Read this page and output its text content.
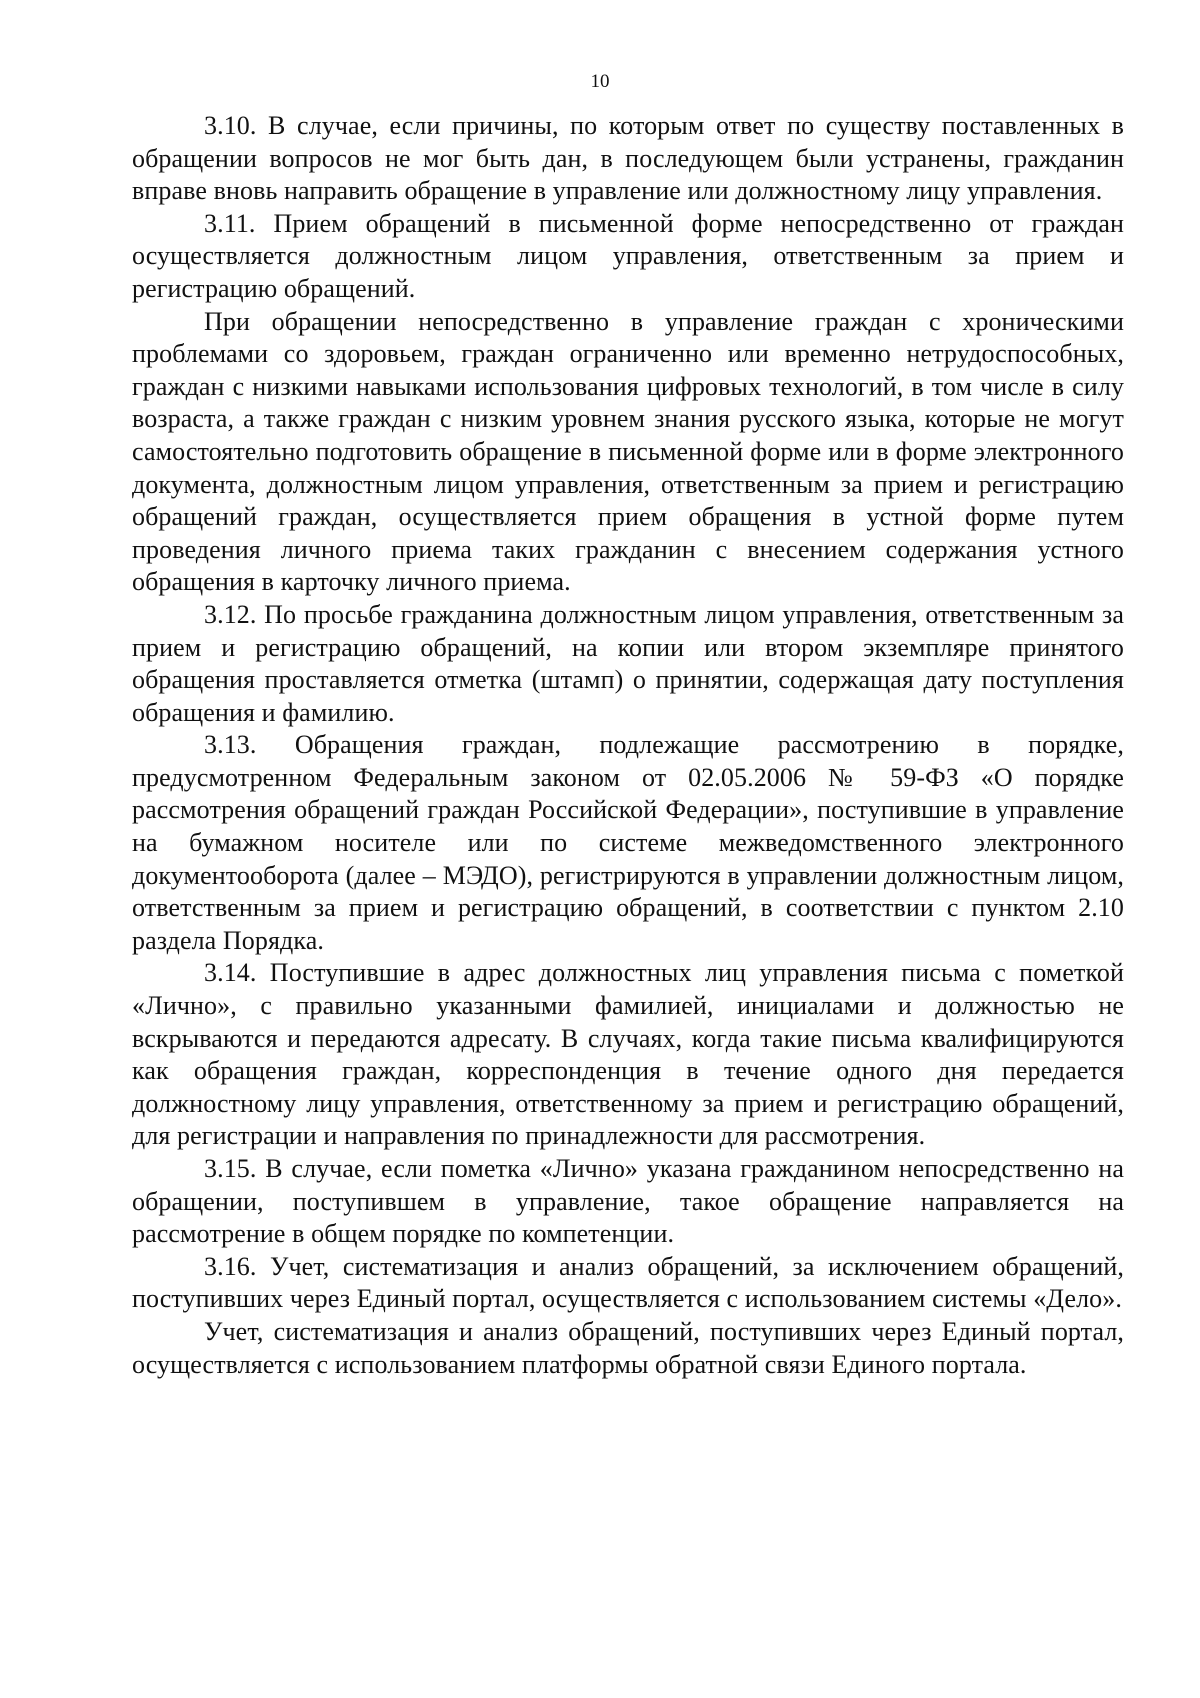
10

3.10. В случае, если причины, по которым ответ по существу поставленных в обращении вопросов не мог быть дан, в последующем были устранены, гражданин вправе вновь направить обращение в управление или должностному лицу управления.

3.11. Прием обращений в письменной форме непосредственно от граждан осуществляется должностным лицом управления, ответственным за прием и регистрацию обращений.

При обращении непосредственно в управление граждан с хроническими проблемами со здоровьем, граждан ограниченно или временно нетрудоспособных, граждан с низкими навыками использования цифровых технологий, в том числе в силу возраста, а также граждан с низким уровнем знания русского языка, которые не могут самостоятельно подготовить обращение в письменной форме или в форме электронного документа, должностным лицом управления, ответственным за прием и регистрацию обращений граждан, осуществляется прием обращения в устной форме путем проведения личного приема таких гражданин с внесением содержания устного обращения в карточку личного приема.

3.12. По просьбе гражданина должностным лицом управления, ответственным за прием и регистрацию обращений, на копии или втором экземпляре принятого обращения проставляется отметка (штамп) о принятии, содержащая дату поступления обращения и фамилию.

3.13. Обращения граждан, подлежащие рассмотрению в порядке, предусмотренном Федеральным законом от 02.05.2006 № 59-ФЗ «О порядке рассмотрения обращений граждан Российской Федерации», поступившие в управление на бумажном носителе или по системе межведомственного электронного документооборота (далее – МЭДО), регистрируются в управлении должностным лицом, ответственным за прием и регистрацию обращений, в соответствии с пунктом 2.10 раздела Порядка.

3.14. Поступившие в адрес должностных лиц управления письма с пометкой «Лично», с правильно указанными фамилией, инициалами и должностью не вскрываются и передаются адресату. В случаях, когда такие письма квалифицируются как обращения граждан, корреспонденция в течение одного дня передается должностному лицу управления, ответственному за прием и регистрацию обращений, для регистрации и направления по принадлежности для рассмотрения.

3.15. В случае, если пометка «Лично» указана гражданином непосредственно на обращении, поступившем в управление, такое обращение направляется на рассмотрение в общем порядке по компетенции.

3.16. Учет, систематизация и анализ обращений, за исключением обращений, поступивших через Единый портал, осуществляется с использованием системы «Дело».

Учет, систематизация и анализ обращений, поступивших через Единый портал, осуществляется с использованием платформы обратной связи Единого портала.
